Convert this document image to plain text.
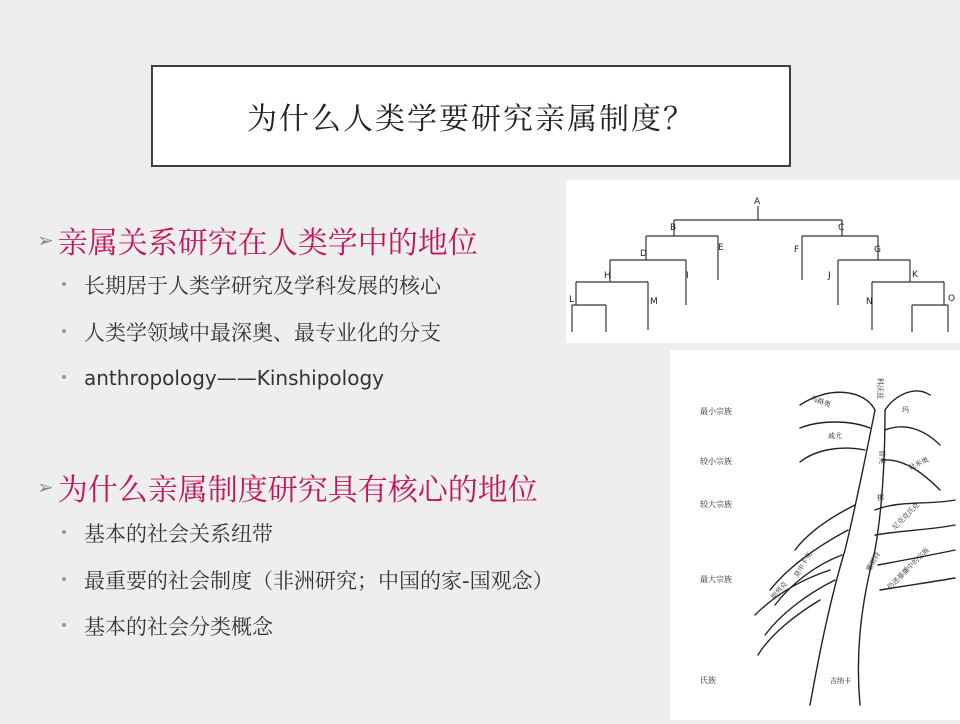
为什么人类学要研究亲属制度？
➢ 亲属关系研究在人类学中的地位
• 长期居于人类学研究及学科发展的核心
• 人类学领域中最深奥、最专业化的分支
• anthropology——Kinshipology
➢ 为什么亲属制度研究具有核心的地位
• 基本的社会关系纽带
• 最重要的社会制度（非洲研究；中国的家-国观念）
• 基本的社会分类概念
A
B	C
D
E	F	G
H	I	J	K
L	M	N	O
最小宗族
较小宗族
较大宗族
最大宗族
氏族
科沃兹
马路奥
玛
戚尤
普奥	杜米奥
梆
尼克克氏克
莫申卡克	珊斯特
彻列克	仍迷暴播中的宗族
吉纳卡
